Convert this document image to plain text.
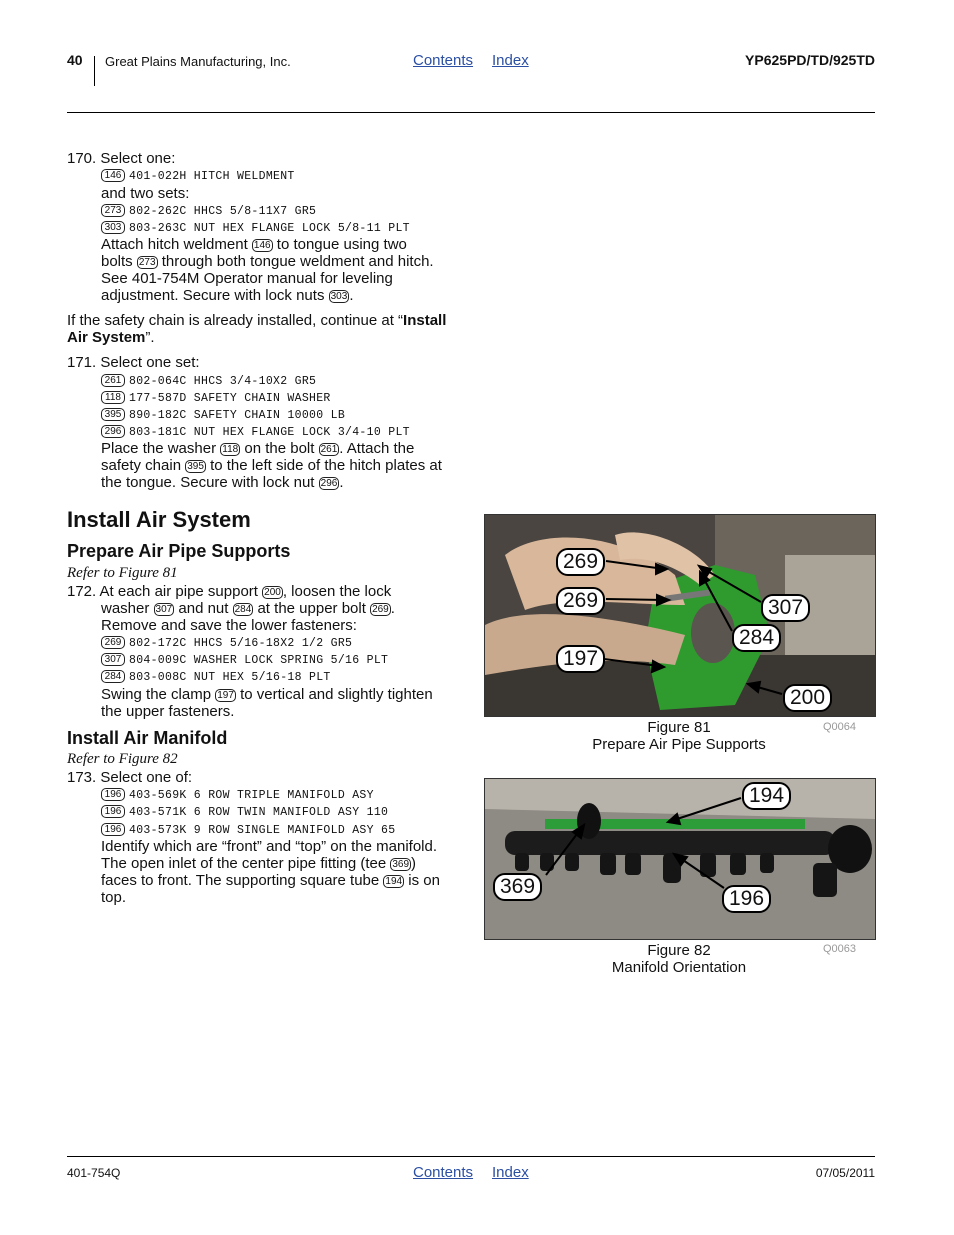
40 Great Plains Manufacturing, Inc.	Contents Index	YP625PD/TD/925TD
170. Select one:
146 401-022H HITCH WELDMENT
and two sets:
273 802-262C HHCS 5/8-11X7 GR5
303 803-263C NUT HEX FLANGE LOCK 5/8-11 PLT
Attach hitch weldment 146 to tongue using two
bolts 273 through both tongue weldment and hitch.
See 401-754M Operator manual for leveling
adjustment. Secure with lock nuts 303 .
If the safety chain is already installed, continue at “Install
Air System”.
171. Select one set:
261 802-064C HHCS 3/4-10X2 GR5
118 177-587D SAFETY CHAIN WASHER
395 890-182C SAFETY CHAIN 10000 LB
296 803-181C NUT HEX FLANGE LOCK 3/4-10 PLT
Place the washer 118 on the bolt 261 . Attach the
safety chain 395 to the left side of the hitch plates at
the tongue. Secure with lock nut 296 .
Install Air System
Prepare Air Pipe Supports
Refer to Figure 81
172. At each air pipe support 200 , loosen the lock
washer 307 and nut 284 at the upper bolt 269 .
Remove and save the lower fasteners:
269 802-172C HHCS 5/16-18X2 1/2 GR5
307 804-009C WASHER LOCK SPRING 5/16 PLT
284 803-008C NUT HEX 5/16-18 PLT
Swing the clamp 197 to vertical and slightly tighten
the upper fasteners.
Install Air Manifold
Refer to Figure 82
173. Select one of:
196 403-569K 6 ROW TRIPLE MANIFOLD ASY
196 403-571K 6 ROW TWIN MANIFOLD ASY 110
196 403-573K 9 ROW SINGLE MANIFOLD ASY 65
Identify which are “front” and “top” on the manifold.
The open inlet of the center pipe fitting (tee 369 )
faces to front. The supporting square tube 194 is on
top.
269
269	307
284
197
200
Figure 81
Prepare Air Pipe Supports
Q0064
194
369
196
Figure 82
Manifold Orientation
Q0063
401-754Q	Contents Index	07/05/2011
